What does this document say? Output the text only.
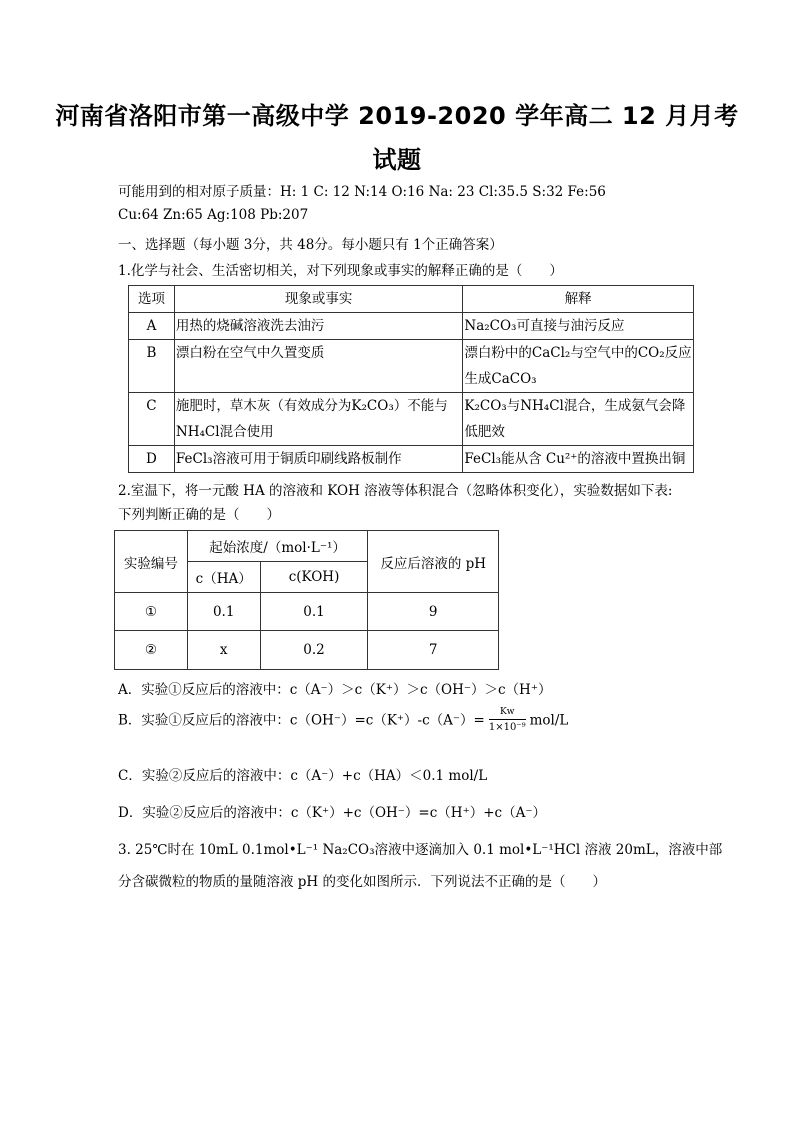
河南省洛阳市第一高级中学 2019-2020 学年高二 12 月月考
试题
可能用到的相对原子质量：H: 1 C: 12 N:14 O:16 Na: 23 Cl:35.5 S:32 Fe:56
Cu:64 Zn:65 Ag:108 Pb:207
一、选择题（每小题 3分，共 48分。每小题只有 1个正确答案）
1.化学与社会、生活密切相关，对下列现象或事实的解释正确的是（　　）
选项	现象或事实	解释
A	用热的烧碱溶液洗去油污	Na₂CO₃可直接与油污反应
B	漂白粉在空气中久置变质	漂白粉中的CaCl₂与空气中的CO₂反应生成CaCO₃
C	施肥时，草木灰（有效成分为K₂CO₃）不能与NH₄Cl混合使用	K₂CO₃与NH₄Cl混合，生成氨气会降低肥效
D	FeCl₃溶液可用于铜质印刷线路板制作	FeCl₃能从含 Cu²⁺的溶液中置换出铜
2.室温下，将一元酸 HA 的溶液和 KOH 溶液等体积混合（忽略体积变化），实验数据如下表:
下列判断正确的是（　　）
实验编号	起始浓度/（mol·L⁻¹）		反应后溶液的 pH
	c（HA）	c(KOH)	
①	0.1	0.1	9
②	x	0.2	7
A．实验①反应后的溶液中：c（A⁻）＞c（K⁺）＞c（OH⁻）＞c（H⁺）
B．实验①反应后的溶液中：$c(OH^-)=c(K^+)-c(A^-)= \frac{Kw}{\text{1×10⁻⁹}} mol/L$
C．实验②反应后的溶液中：c（A⁻）+c（HA）＜0.1 mol/L
D．实验②反应后的溶液中：c（K⁺）+c（OH⁻）=c（H⁺）+c（A⁻）
3. 25℃时在 10mL 0.1mol•L⁻¹ Na₂CO₃溶液中逐滴加入 0.1 mol•L⁻¹HCl 溶液 20mL，溶液中部
分含碳微粒的物质的量随溶液 pH 的变化如图所示．下列说法不正确的是（　　）
